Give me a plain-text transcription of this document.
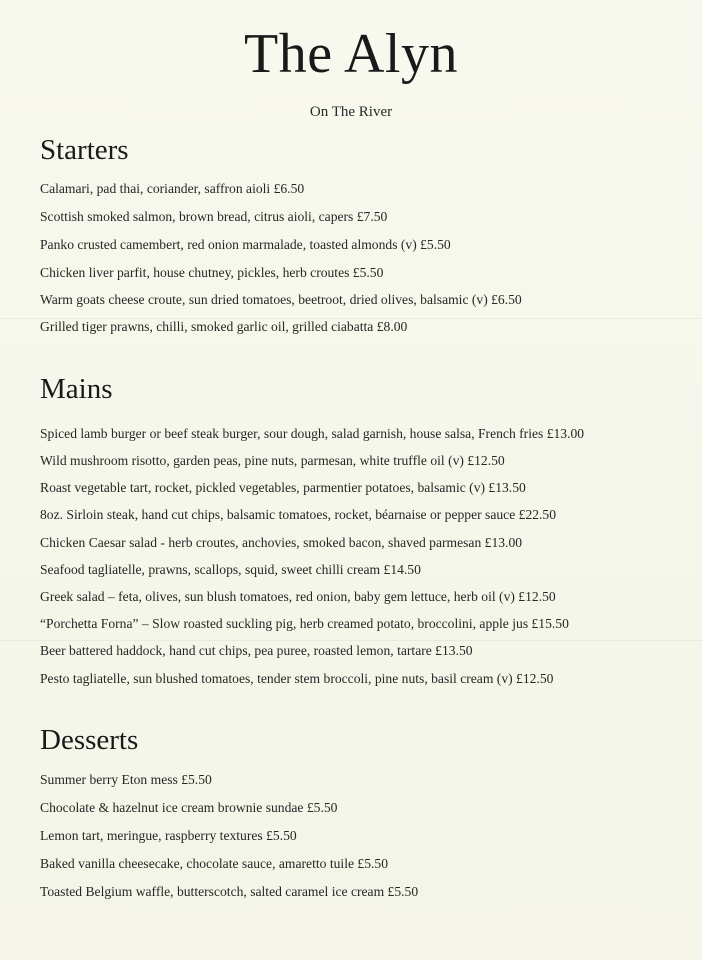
The Alyn
On The River
Starters
Calamari, pad thai, coriander, saffron aioli £6.50
Scottish smoked salmon, brown bread, citrus aioli, capers £7.50
Panko crusted camembert, red onion marmalade, toasted almonds (v) £5.50
Chicken liver parfit, house chutney, pickles, herb croutes £5.50
Warm goats cheese croute, sun dried tomatoes, beetroot, dried olives, balsamic (v) £6.50
Grilled tiger prawns, chilli, smoked garlic oil, grilled ciabatta £8.00
Mains
Spiced lamb burger or beef steak burger, sour dough, salad garnish, house salsa, French fries £13.00
Wild mushroom risotto, garden peas, pine nuts, parmesan, white truffle oil (v) £12.50
Roast vegetable tart, rocket, pickled vegetables, parmentier potatoes, balsamic (v) £13.50
8oz. Sirloin steak, hand cut chips, balsamic tomatoes, rocket, béarnaise or pepper sauce £22.50
Chicken Caesar salad - herb croutes, anchovies, smoked bacon, shaved parmesan £13.00
Seafood tagliatelle, prawns, scallops, squid, sweet chilli cream £14.50
Greek salad – feta, olives, sun blush tomatoes, red onion, baby gem lettuce, herb oil (v) £12.50
“Porchetta Forna” – Slow roasted suckling pig, herb creamed potato, broccolini, apple jus £15.50
Beer battered haddock, hand cut chips, pea puree, roasted lemon, tartare £13.50
Pesto tagliatelle, sun blushed tomatoes, tender stem broccoli, pine nuts, basil cream (v) £12.50
Desserts
Summer berry Eton mess £5.50
Chocolate & hazelnut ice cream brownie sundae £5.50
Lemon tart, meringue, raspberry textures £5.50
Baked vanilla cheesecake, chocolate sauce, amaretto tuile £5.50
Toasted Belgium waffle, butterscotch, salted caramel ice cream £5.50
